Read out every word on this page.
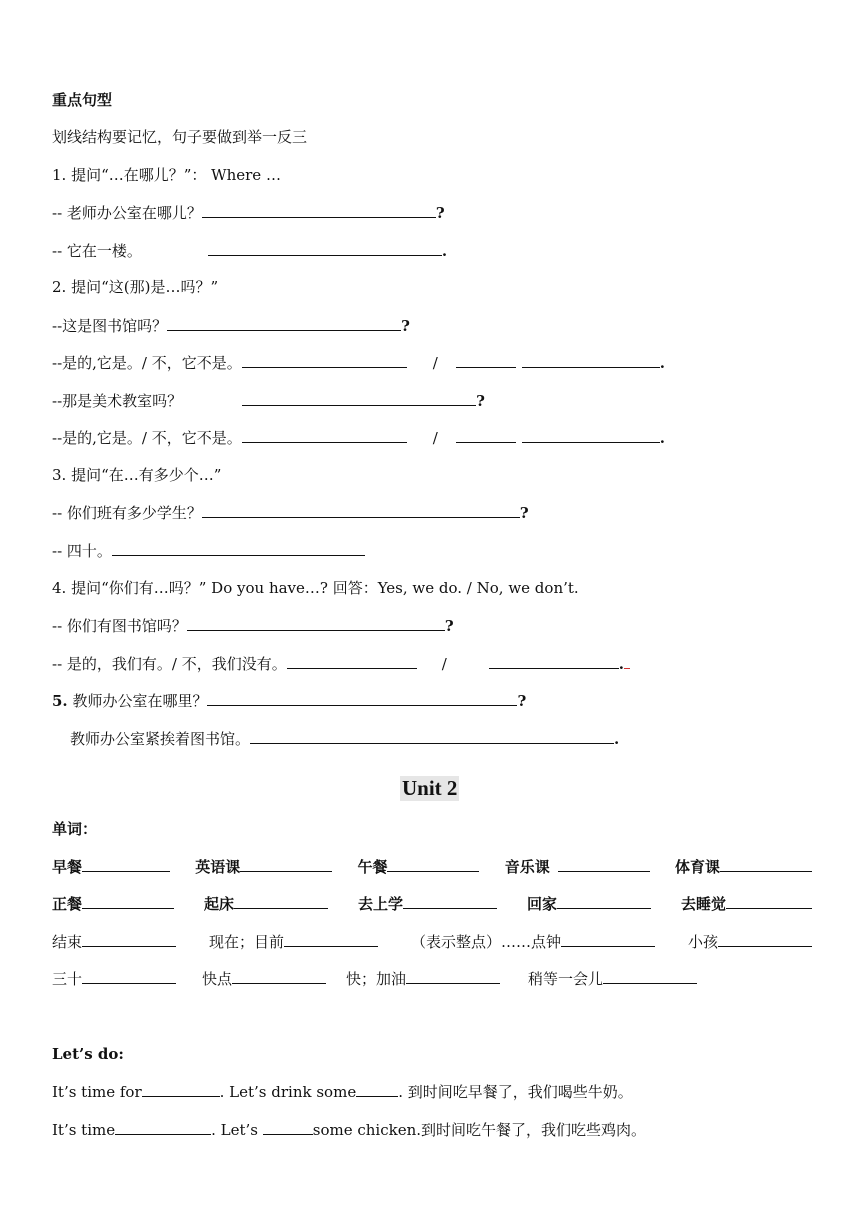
重点句型
划线结构要记忆，句子要做到举一反三
1. 提问“…在哪儿？”： Where …
-- 老师办公室在哪儿？	?
-- 它在一楼。	.
2. 提问“这(那)是…吗？”
--这是图书馆吗？	?
--是的,它是。/ 不，它不是。	/	.
--那是美术教室吗？	?
--是的,它是。/ 不，它不是。	/	.
3. 提问“在…有多少个…”
-- 你们班有多少学生？	?
-- 四十。
4. 提问“你们有…吗？” Do you have…? 回答：Yes, we do. / No, we don’t.
-- 你们有图书馆吗？	?
-- 是的，我们有。/ 不，我们没有。	/	.
5. 教师办公室在哪里？	?
教师办公室紧挨着图书馆。	.
Unit 2
单词：
早餐	英语课	午餐	音乐课	体育课
正餐	起床	去上学	回家	去睡觉
结束	现在；目前	（表示整点）……点钟	小孩
三十	快点	快；加油	稍等一会儿
Let’s do:
It’s time for	. Let’s drink some	. 到时间吃早餐了，我们喝些牛奶。
It’s time	. Let’s	some chicken.到时间吃午餐了，我们吃些鸡肉。
